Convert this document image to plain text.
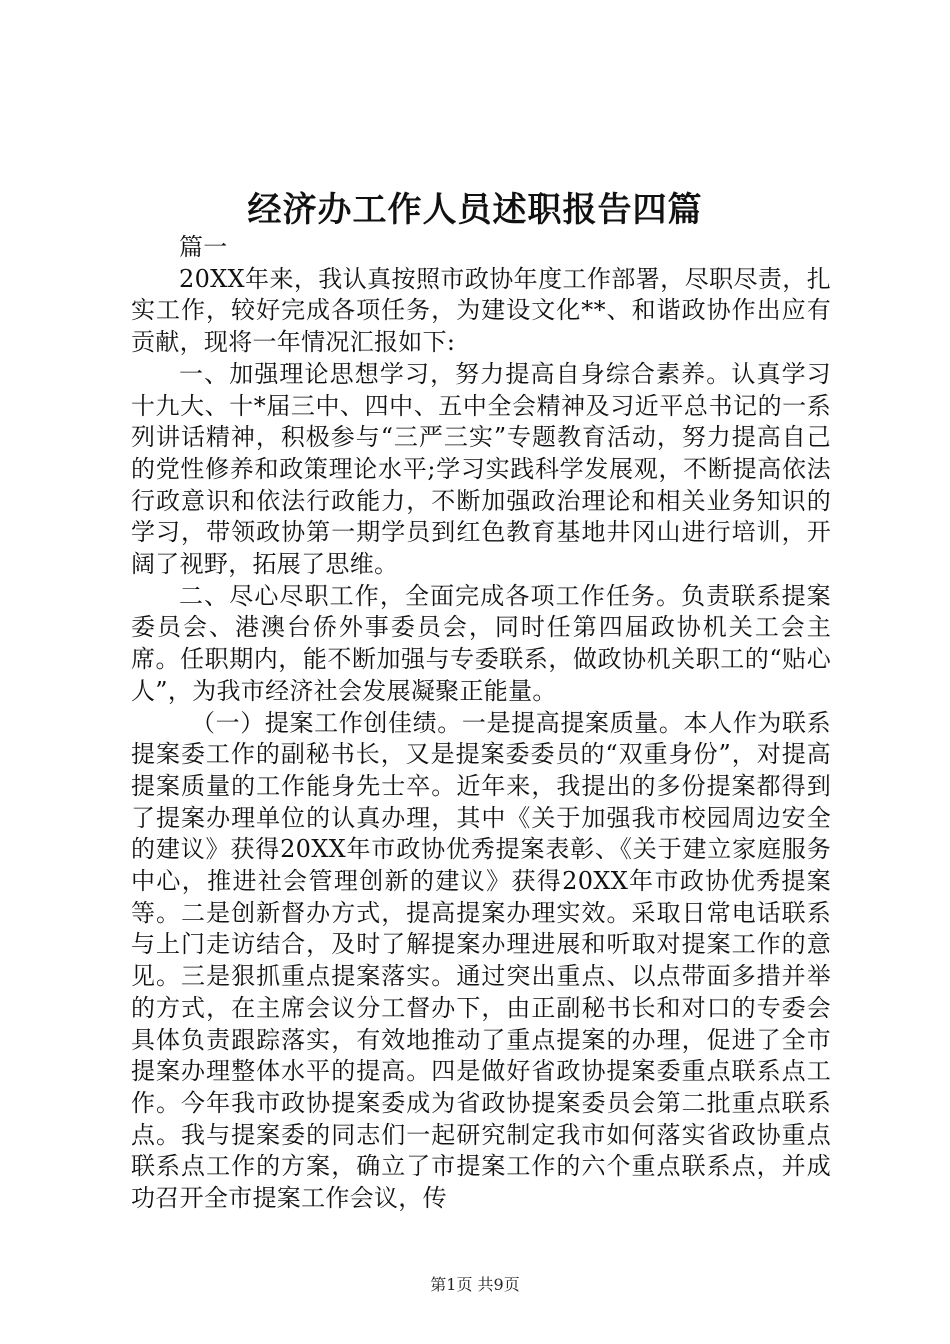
经济办工作人员述职报告四篇

篇一

20XX年来，我认真按照市政协年度工作部署，尽职尽责，扎实工作，较好完成各项任务，为建设文化**、和谐政协作出应有贡献，现将一年情况汇报如下:

一、加强理论思想学习，努力提高自身综合素养。认真学习十九大、十*届三中、四中、五中全会精神及习近平总书记的一系列讲话精神，积极参与“三严三实”专题教育活动，努力提高自己的党性修养和政策理论水平;学习实践科学发展观，不断提高依法行政意识和依法行政能力，不断加强政治理论和相关业务知识的学习，带领政协第一期学员到红色教育基地井冈山进行培训，开阔了视野，拓展了思维。

二、尽心尽职工作，全面完成各项工作任务。负责联系提案委员会、港澳台侨外事委员会，同时任第四届政协机关工会主席。任职期内，能不断加强与专委联系，做政协机关职工的“贴心人”，为我市经济社会发展凝聚正能量。

（一）提案工作创佳绩。一是提高提案质量。本人作为联系提案委工作的副秘书长，又是提案委委员的“双重身份”，对提高提案质量的工作能身先士卒。近年来，我提出的多份提案都得到了提案办理单位的认真办理，其中《关于加强我市校园周边安全的建议》获得20XX年市政协优秀提案表彰、《关于建立家庭服务中心，推进社会管理创新的建议》获得20XX年市政协优秀提案等。二是创新督办方式，提高提案办理实效。采取日常电话联系与上门走访结合，及时了解提案办理进展和听取对提案工作的意见。三是狠抓重点提案落实。通过突出重点、以点带面多措并举的方式，在主席会议分工督办下，由正副秘书长和对口的专委会具体负责跟踪落实，有效地推动了重点提案的办理，促进了全市提案办理整体水平的提高。四是做好省政协提案委重点联系点工作。今年我市政协提案委成为省政协提案委员会第二批重点联系点。我与提案委的同志们一起研究制定我市如何落实省政协重点联系点工作的方案，确立了市提案工作的六个重点联系点，并成功召开全市提案工作会议，传

第1页 共9页
